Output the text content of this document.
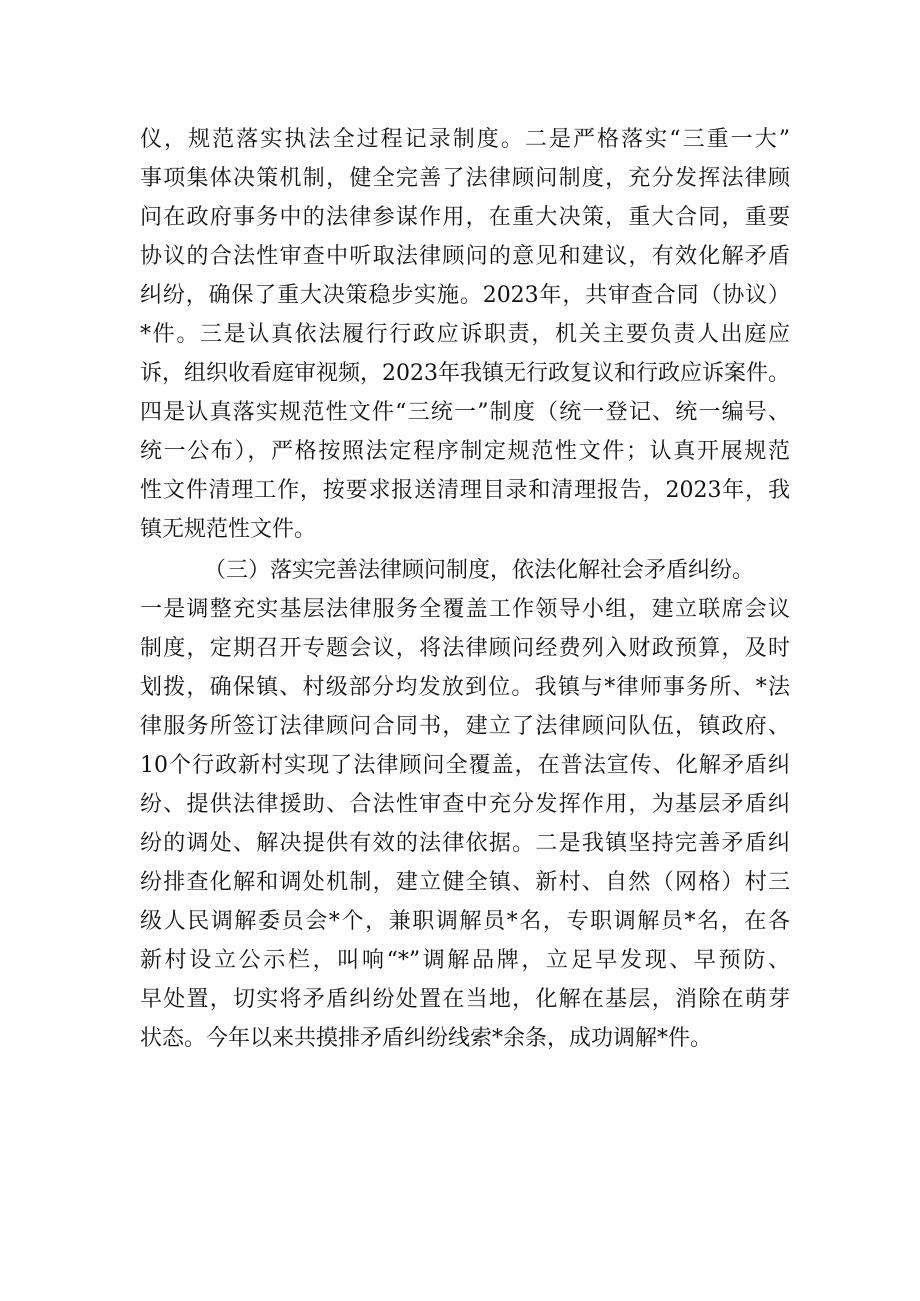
仪，规范落实执法全过程记录制度。二是严格落实“三重一大”
事项集体决策机制，健全完善了法律顾问制度，充分发挥法律顾
问在政府事务中的法律参谋作用，在重大决策，重大合同，重要
协议的合法性审查中听取法律顾问的意见和建议，有效化解矛盾
纠纷，确保了重大决策稳步实施。2023年，共审查合同（协议）
*件。三是认真依法履行行政应诉职责，机关主要负责人出庭应
诉，组织收看庭审视频，2023年我镇无行政复议和行政应诉案件。
四是认真落实规范性文件“三统一”制度（统一登记、统一编号、
统一公布），严格按照法定程序制定规范性文件；认真开展规范
性文件清理工作，按要求报送清理目录和清理报告，2023年，我
镇无规范性文件。
（三）落实完善法律顾问制度，依法化解社会矛盾纠纷。
一是调整充实基层法律服务全覆盖工作领导小组，建立联席会议
制度，定期召开专题会议，将法律顾问经费列入财政预算，及时
划拨，确保镇、村级部分均发放到位。我镇与*律师事务所、*法
律服务所签订法律顾问合同书，建立了法律顾问队伍，镇政府、
10个行政新村实现了法律顾问全覆盖，在普法宣传、化解矛盾纠
纷、提供法律援助、合法性审查中充分发挥作用，为基层矛盾纠
纷的调处、解决提供有效的法律依据。二是我镇坚持完善矛盾纠
纷排查化解和调处机制，建立健全镇、新村、自然（网格）村三
级人民调解委员会*个，兼职调解员*名，专职调解员*名，在各
新村设立公示栏，叫响“*”调解品牌，立足早发现、早预防、
早处置，切实将矛盾纠纷处置在当地，化解在基层，消除在萌芽
状态。今年以来共摸排矛盾纠纷线索*余条，成功调解*件。
